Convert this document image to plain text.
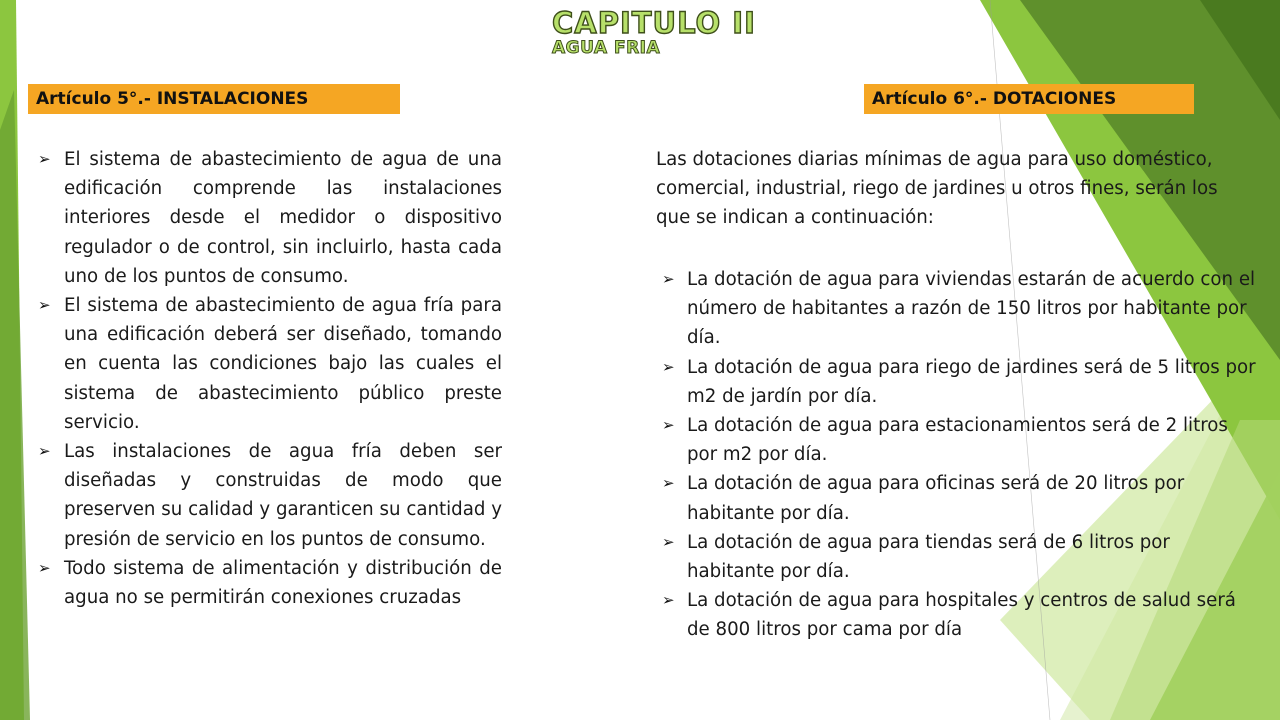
CAPITULO II
AGUA FRIA
Artículo 5°.- INSTALACIONES	Artículo 6°.- DOTACIONES
➢ El sistema de abastecimiento de agua de una edificación comprende las instalaciones interiores desde el medidor o dispositivo regulador o de control, sin incluirlo, hasta cada uno de los puntos de consumo.
➢ El sistema de abastecimiento de agua fría para una edificación deberá ser diseñado, tomando en cuenta las condiciones bajo las cuales el sistema de abastecimiento público preste servicio.
➢ Las instalaciones de agua fría deben ser diseñadas y construidas de modo que preserven su calidad y garanticen su cantidad y presión de servicio en los puntos de consumo.
➢ Todo sistema de alimentación y distribución de agua no se permitirán conexiones cruzadas
Las dotaciones diarias mínimas de agua para uso doméstico, comercial, industrial, riego de jardines u otros fines, serán los que se indican a continuación:
➢ La dotación de agua para viviendas estarán de acuerdo con el número de habitantes a razón de 150 litros por habitante por día.
➢ La dotación de agua para riego de jardines será de 5 litros por m2 de jardín por día.
➢ La dotación de agua para estacionamientos será de 2 litros por m2 por día.
➢ La dotación de agua para oficinas será de 20 litros por habitante por día.
➢ La dotación de agua para tiendas será de 6 litros por habitante por día.
➢ La dotación de agua para hospitales y centros de salud será de 800 litros por cama por día
